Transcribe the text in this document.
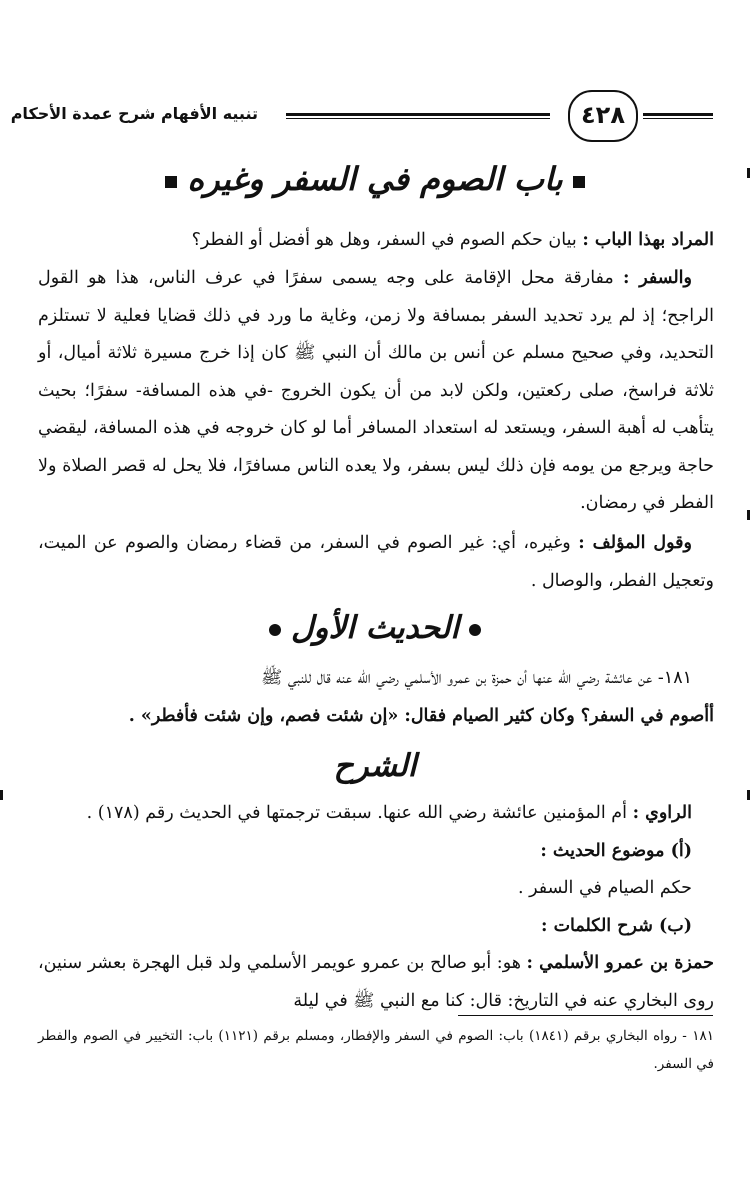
تنبيه الأفهام شرح عمدة الأحكام	٤٢٨
باب الصوم في السفر وغيره
المراد بهذا الباب : بيان حكم الصوم في السفر، وهل هو أفضل أو الفطر؟
والسفر : مفارقة محل الإقامة على وجه يسمى سفرًا في عرف الناس، هذا هو القول الراجح؛ إذ لم يرد تحديد السفر بمسافة ولا زمن، وغاية ما ورد في ذلك قضايا فعلية لا تستلزم التحديد، وفي صحيح مسلم عن أنس بن مالك أن النبي ﷺ كان إذا خرج مسيرة ثلاثة أميال، أو ثلاثة فراسخ، صلى ركعتين، ولكن لابد من أن يكون الخروج -في هذه المسافة- سفرًا؛ بحيث يتأهب له أهبة السفر، ويستعد له استعداد المسافر أما لو كان خروجه في هذه المسافة، ليقضي حاجة ويرجع من يومه فإن ذلك ليس بسفر، ولا يعده الناس مسافرًا، فلا يحل له قصر الصلاة ولا الفطر في رمضان.
وقول المؤلف : وغيره، أي: غير الصوم في السفر، من قضاء رمضان والصوم عن الميت، وتعجيل الفطر، والوصال .
الحديث الأول
١٨١- عن عائشة رضي الله عنها أن حمزة بن عمرو الأسلمي رضي الله عنه قال للنبي ﷺ
أأصوم في السفر؟ وكان كثير الصيام فقال: «إن شئت فصم، وإن شئت فأفطر» .
الشرح
الراوي : أم المؤمنين عائشة رضي الله عنها. سبقت ترجمتها في الحديث رقم (١٧٨) .
(أ) موضوع الحديث :
حكم الصيام في السفر .
(ب) شرح الكلمات :
حمزة بن عمرو الأسلمي : هو: أبو صالح بن عمرو عويمر الأسلمي ولد قبل الهجرة بعشر سنين، روى البخاري عنه في التاريخ: قال: كنا مع النبي ﷺ في ليلة
١٨١ - رواه البخاري برقم (١٨٤١) باب: الصوم في السفر والإفطار، ومسلم برقم (١١٢١) باب: التخيير في الصوم والفطر في السفر.
